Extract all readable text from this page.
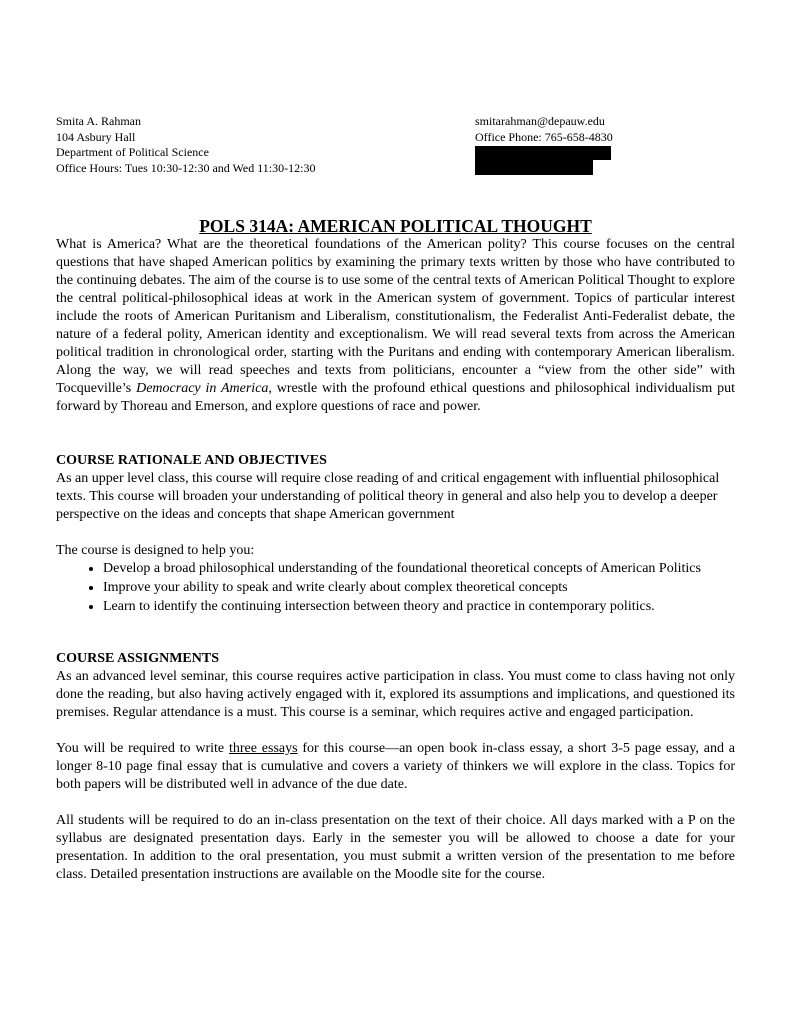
Smita A. Rahman
104 Asbury Hall
Department of Political Science
Office Hours: Tues 10:30-12:30 and Wed 11:30-12:30
smitarahman@depauw.edu
Office Phone: 765-658-4830
POLS 314A: AMERICAN POLITICAL THOUGHT
What is America? What are the theoretical foundations of the American polity? This course focuses on the central questions that have shaped American politics by examining the primary texts written by those who have contributed to the continuing debates. The aim of the course is to use some of the central texts of American Political Thought to explore the central political-philosophical ideas at work in the American system of government. Topics of particular interest include the roots of American Puritanism and Liberalism, constitutionalism, the Federalist Anti-Federalist debate, the nature of a federal polity, American identity and exceptionalism. We will read several texts from across the American political tradition in chronological order, starting with the Puritans and ending with contemporary American liberalism. Along the way, we will read speeches and texts from politicians, encounter a “view from the other side” with Tocqueville’s Democracy in America, wrestle with the profound ethical questions and philosophical individualism put forward by Thoreau and Emerson, and explore questions of race and power.

COURSE RATIONALE AND OBJECTIVES

As an upper level class, this course will require close reading of and critical engagement with influential philosophical texts. This course will broaden your understanding of political theory in general and also help you to develop a deeper perspective on the ideas and concepts that shape American government

The course is designed to help you:

• Develop a broad philosophical understanding of the foundational theoretical concepts of American Politics
• Improve your ability to speak and write clearly about complex theoretical concepts
• Learn to identify the continuing intersection between theory and practice in contemporary politics.

COURSE ASSIGNMENTS

As an advanced level seminar, this course requires active participation in class. You must come to class having not only done the reading, but also having actively engaged with it, explored its assumptions and implications, and questioned its premises. Regular attendance is a must. This course is a seminar, which requires active and engaged participation.

You will be required to write three essays for this course—an open book in-class essay, a short 3-5 page essay, and a longer 8-10 page final essay that is cumulative and covers a variety of thinkers we will explore in the class. Topics for both papers will be distributed well in advance of the due date.

All students will be required to do an in-class presentation on the text of their choice. All days marked with a P on the syllabus are designated presentation days. Early in the semester you will be allowed to choose a date for your presentation. In addition to the oral presentation, you must submit a written version of the presentation to me before class. Detailed presentation instructions are available on the Moodle site for the course.
